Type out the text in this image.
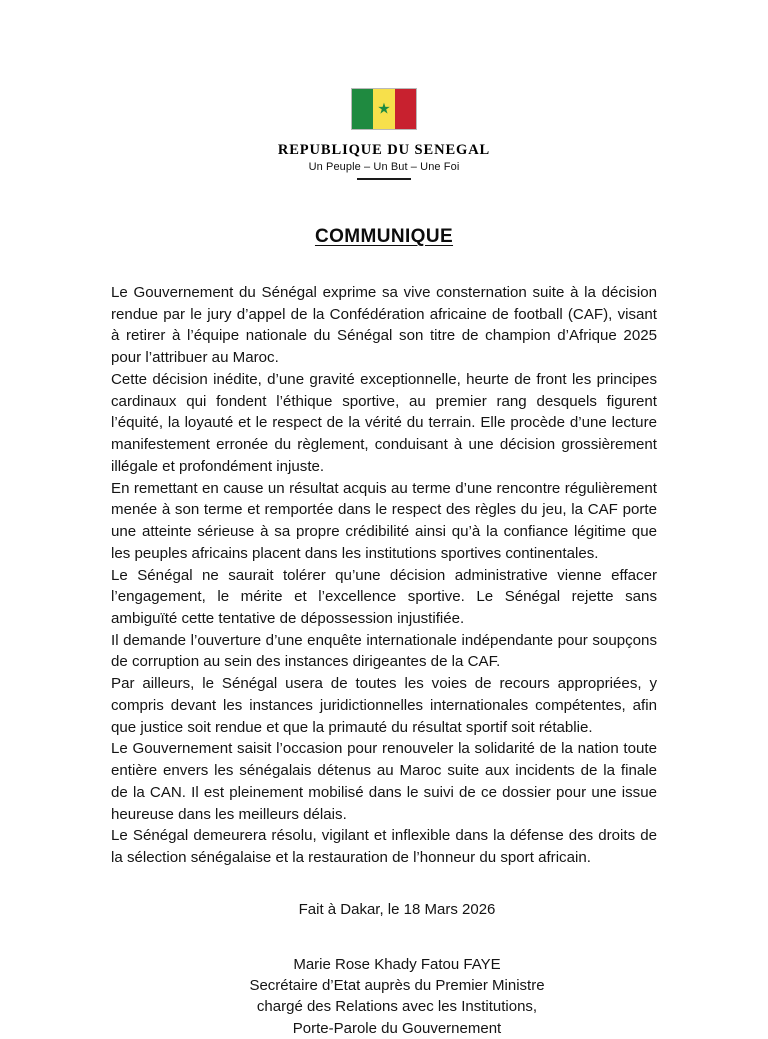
★
REPUBLIQUE DU SENEGAL
Un Peuple – Un But – Une Foi
COMMUNIQUE

Le Gouvernement du Sénégal exprime sa vive consternation suite à la décision rendue par le jury d’appel de la Confédération africaine de football (CAF), visant à retirer à l’équipe nationale du Sénégal son titre de champion d’Afrique 2025 pour l’attribuer au Maroc.

Cette décision inédite, d’une gravité exceptionnelle, heurte de front les principes cardinaux qui fondent l’éthique sportive, au premier rang desquels figurent l’équité, la loyauté et le respect de la vérité du terrain. Elle procède d’une lecture manifestement erronée du règlement, conduisant à une décision grossièrement illégale et profondément injuste.

En remettant en cause un résultat acquis au terme d’une rencontre régulièrement menée à son terme et remportée dans le respect des règles du jeu, la CAF porte une atteinte sérieuse à sa propre crédibilité ainsi qu’à la confiance légitime que les peuples africains placent dans les institutions sportives continentales.

Le Sénégal ne saurait tolérer qu’une décision administrative vienne effacer l’engagement, le mérite et l’excellence sportive. Le Sénégal rejette sans ambiguïté cette tentative de dépossession injustifiée.

Il demande l’ouverture d’une enquête internationale indépendante pour soupçons de corruption au sein des instances dirigeantes de la CAF.

Par ailleurs, le Sénégal usera de toutes les voies de recours appropriées, y compris devant les instances juridictionnelles internationales compétentes, afin que justice soit rendue et que la primauté du résultat sportif soit rétablie.

Le Gouvernement saisit l’occasion pour renouveler la solidarité de la nation toute entière envers les sénégalais détenus au Maroc suite aux incidents de la finale de la CAN. Il est pleinement mobilisé dans le suivi de ce dossier pour une issue heureuse dans les meilleurs délais.

Le Sénégal demeurera résolu, vigilant et inflexible dans la défense des droits de la sélection sénégalaise et la restauration de l’honneur du sport africain.

Fait à Dakar, le 18 Mars 2026
Marie Rose Khady Fatou FAYE
Secrétaire d’Etat auprès du Premier Ministre
chargé des Relations avec les Institutions,
Porte-Parole du Gouvernement
